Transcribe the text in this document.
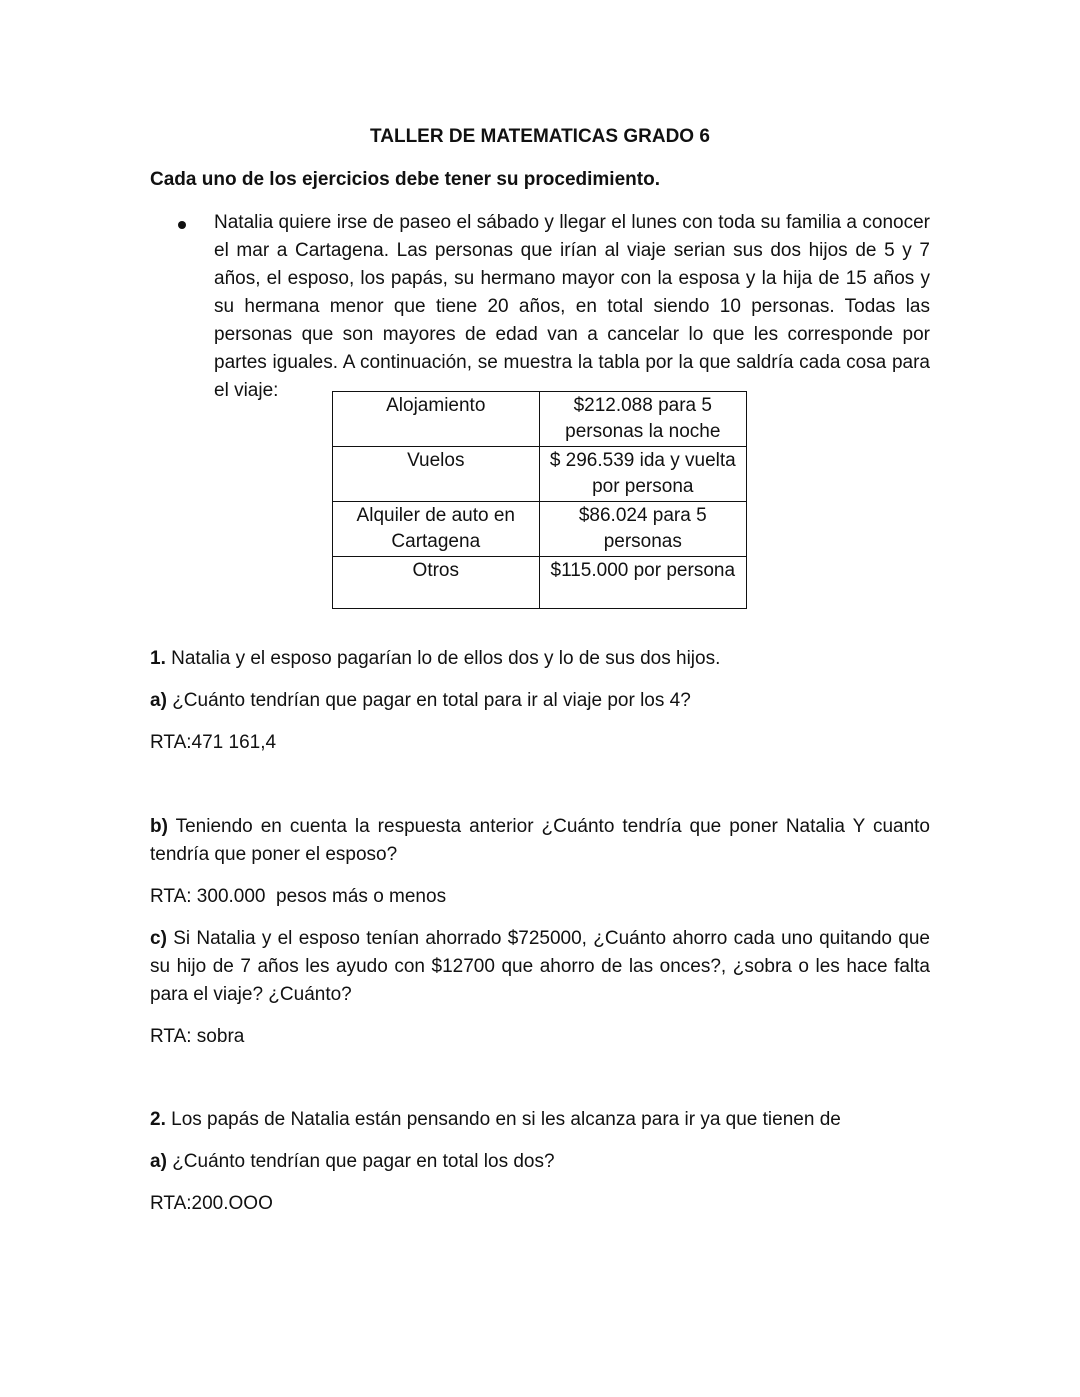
TALLER DE MATEMATICAS GRADO 6
Cada uno de los ejercicios debe tener su procedimiento.

Natalia quiere irse de paseo el sábado y llegar el lunes con toda su familia a conocer el mar a Cartagena. Las personas que irían al viaje serian sus dos hijos de 5 y 7 años, el esposo, los papás, su hermano mayor con la esposa y la hija de 15 años y su hermana menor que tiene 20 años, en total siendo 10 personas. Todas las personas que son mayores de edad van a cancelar lo que les corresponde por partes iguales. A continuación, se muestra la tabla por la que saldría cada cosa para el viaje:

Alojamiento	$212.088 para 5 personas la noche

Vuelos	$ 296.539 ida y vuelta por persona

Alquiler de auto en Cartagena	$86.024 para 5 personas

Otros	$115.000 por persona

1. Natalia y el esposo pagarían lo de ellos dos y lo de sus dos hijos.

a) ¿Cuánto tendrían que pagar en total para ir al viaje por los 4?

RTA:471 161,4

b) Teniendo en cuenta la respuesta anterior ¿Cuánto tendría que poner Natalia Y cuanto tendría que poner el esposo?

RTA: 300.000  pesos más o menos

c) Si Natalia y el esposo tenían ahorrado $725000, ¿Cuánto ahorro cada uno quitando que su hijo de 7 años les ayudo con $12700 que ahorro de las onces?, ¿sobra o les hace falta para el viaje? ¿Cuánto?

RTA: sobra

2. Los papás de Natalia están pensando en si les alcanza para ir ya que tienen de

a) ¿Cuánto tendrían que pagar en total los dos?

RTA:200.OOO
